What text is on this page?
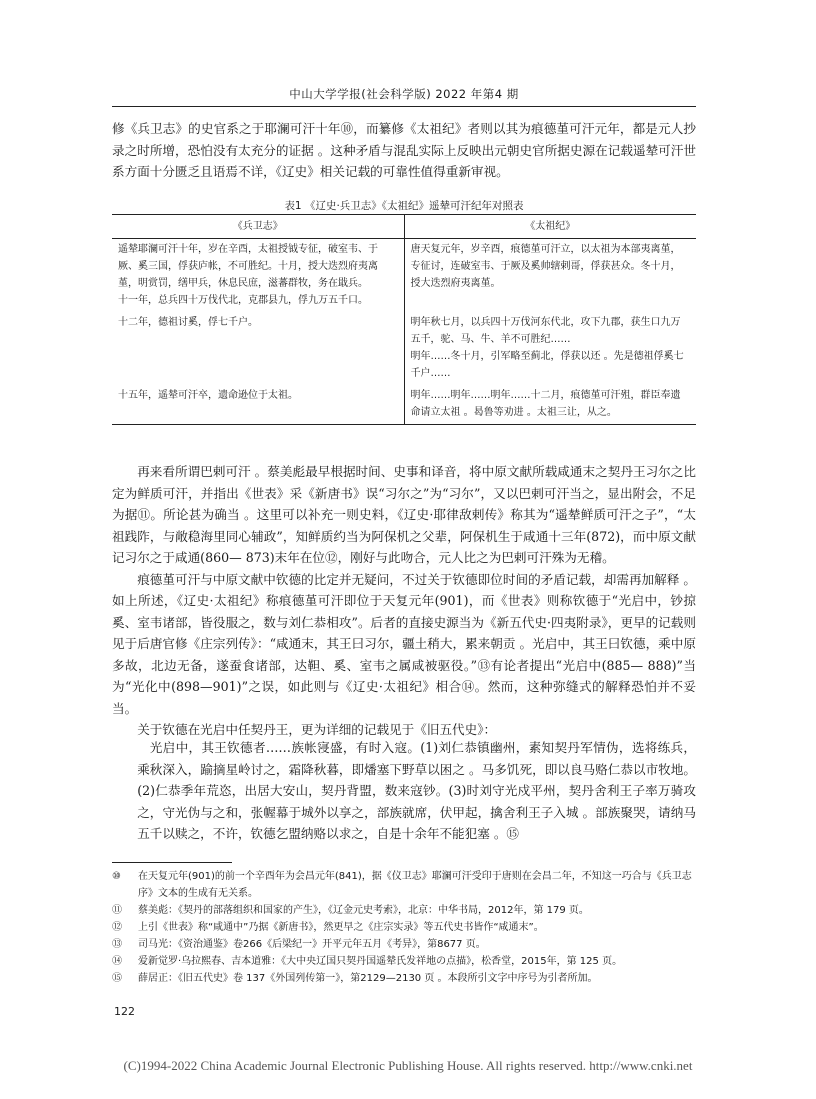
中山大学学报(社会科学版) 2022 年第4 期

修《兵卫志》的史官系之于耶澜可汗十年⑩，而纂修《太祖纪》者则以其为痕德堇可汗元年，都是元人抄录之时所增，恐怕没有太充分的证据 。这种矛盾与混乱实际上反映出元朝史官所据史源在记载遥辇可汗世系方面十分匮乏且语焉不详，《辽史》相关记载的可靠性值得重新审视。

表1 《辽史·兵卫志》《太祖纪》遥辇可汗纪年对照表
《兵卫志》	《太祖纪》
遥辇耶澜可汗十年，岁在辛酉，太祖授钺专征，破室韦、于厥、奚三国，俘获庐帐，不可胜纪。十月，授大迭烈府夷离堇，明赏罚，缮甲兵，休息民庶，滋蕃群牧，务在戢兵。
十一年，总兵四十万伐代北，克郡县九，俘九万五千口。	唐天复元年，岁辛酉，痕德堇可汗立，以太祖为本部夷离堇，专征讨，连破室韦、于厥及奚帅辖剌哥，俘获甚众。冬十月，授大迭烈府夷离堇。
十二年，德祖讨奚，俘七千户。	明年秋七月，以兵四十万伐河东代北，攻下九郡，获生口九万五千，驼、马、牛、羊不可胜纪……
明年……冬十月，引军略至蓟北，俘获以还 。先是德祖俘奚七千户……
十五年，遥辇可汗卒，遗命逊位于太祖。	明年……明年……明年……十二月，痕德堇可汗殂，群臣奉遗命请立太祖 。曷鲁等劝进 。太祖三让，从之。

再来看所谓巴剌可汗 。蔡美彪最早根据时间、史事和译音，将中原文献所载咸通末之契丹王习尔之比定为鲜质可汗，并指出《世表》采《新唐书》误“习尔之”为“习尔”，又以巴剌可汗当之，显出附会，不足为据⑪。所论甚为确当 。这里可以补充一则史料，《辽史·耶律敌剌传》称其为“遥辇鲜质可汗之子”，“太祖践阼，与敞稳海里同心辅政”，知鲜质约当为阿保机之父辈，阿保机生于咸通十三年(872)，而中原文献记习尔之于咸通(860— 873)末年在位⑫，刚好与此吻合，元人比之为巴剌可汗殊为无稽。

痕德堇可汗与中原文献中钦德的比定并无疑问，不过关于钦德即位时间的矛盾记载，却需再加解释 。如上所述，《辽史·太祖纪》称痕德堇可汗即位于天复元年(901)，而《世表》则称钦德于“光启中，钞掠奚、室韦诸部，皆役服之，数与刘仁恭相攻”。后者的直接史源当为《新五代史·四夷附录》，更早的记载则见于后唐官修《庄宗列传》：“咸通末，其王曰习尔，疆土稍大，累来朝贡 。光启中，其王曰钦德，乘中原多故，北边无备，遂蚕食诸部，达靼、奚、室韦之属咸被驱役。”⑬有论者提出“光启中(885— 888)”当为“光化中(898—901)”之误，如此则与《辽史·太祖纪》相合⑭。然而，这种弥缝式的解释恐怕并不妥当。

关于钦德在光启中任契丹王，更为详细的记载见于《旧五代史》：

光启中，其王钦德者……族帐寖盛，有时入寇。(1)刘仁恭镇幽州，素知契丹军情伪，选将练兵，乘秋深入，踰摘星岭讨之，霜降秋暮，即燔塞下野草以困之 。马多饥死，即以良马赂仁恭以市牧地。(2)仁恭季年荒恣，出居大安山，契丹背盟，数来寇钞。(3)时刘守光戍平州，契丹舍利王子率万骑攻之，守光伪与之和，张幄幕于城外以享之，部族就席，伏甲起，擒舍利王子入城 。部族聚哭，请纳马五千以赎之，不许，钦德乞盟纳赂以求之，自是十余年不能犯塞 。⑮

⑩	在天复元年(901)的前一个辛酉年为会昌元年(841)，据《仪卫志》耶澜可汗受印于唐则在会昌二年，不知这一巧合与《兵卫志序》文本的生成有无关系。
⑪	蔡美彪：《契丹的部落组织和国家的产生》，《辽金元史考索》，北京：中华书局，2012年，第 179 页。
⑫	上引《世表》称“咸通中”乃据《新唐书》，然更早之《庄宗实录》等五代史书皆作“咸通末”。
⑬	司马光：《资治通鉴》卷266《后梁纪一》开平元年五月《考异》，第8677 页。
⑭	爱新觉罗·乌拉熙春、吉本道雅：《大中央辽国只契丹国遥辇氏发祥地の点描》，松香堂，2015年，第 125 页。
⑮	薛居正：《旧五代史》卷 137《外国列传第一》，第2129—2130 页 。本段所引文字中序号为引者所加。
122
(C)1994-2022 China Academic Journal Electronic Publishing House. All rights reserved. http://www.cnki.net
